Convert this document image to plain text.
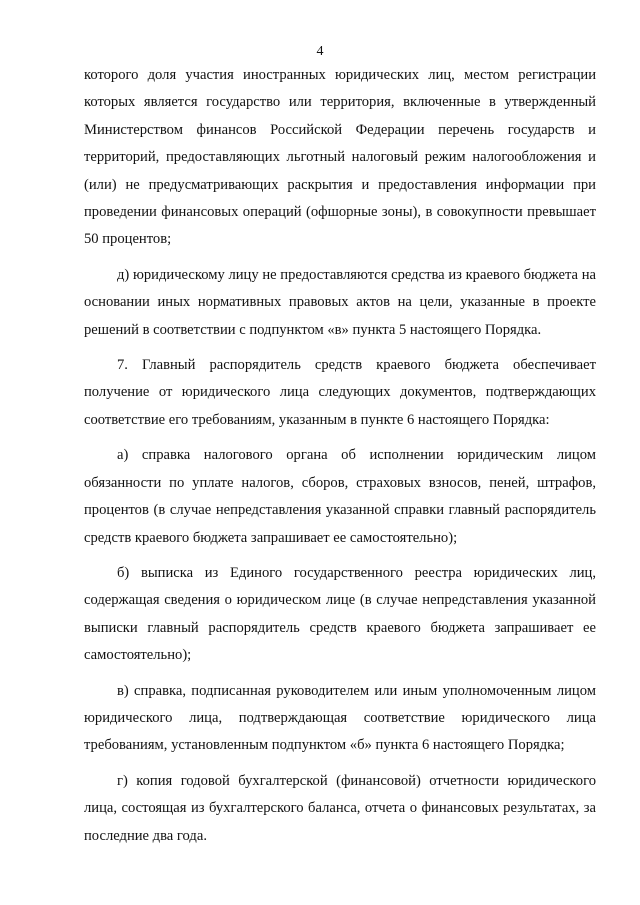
4

которого доля участия иностранных юридических лиц, местом регистрации которых является государство или территория, включенные в утвержденный Министерством финансов Российской Федерации перечень государств и территорий, предоставляющих льготный налоговый режим налогообложения и (или) не предусматривающих раскрытия и предоставления информации при проведении финансовых операций (офшорные зоны), в совокупности превышает 50 процентов;

д) юридическому лицу не предоставляются средства из краевого бюджета на основании иных нормативных правовых актов на цели, указанные в проекте решений в соответствии с подпунктом «в» пункта 5 настоящего Порядка.

7. Главный распорядитель средств краевого бюджета обеспечивает получение от юридического лица следующих документов, подтверждающих соответствие его требованиям, указанным в пункте 6 настоящего Порядка:

а) справка налогового органа об исполнении юридическим лицом обязанности по уплате налогов, сборов, страховых взносов, пеней, штрафов, процентов (в случае непредставления указанной справки главный распорядитель средств краевого бюджета запрашивает ее самостоятельно);

б) выписка из Единого государственного реестра юридических лиц, содержащая сведения о юридическом лице (в случае непредставления указанной выписки главный распорядитель средств краевого бюджета запрашивает ее самостоятельно);

в) справка, подписанная руководителем или иным уполномоченным лицом юридического лица, подтверждающая соответствие юридического лица требованиям, установленным подпунктом «б» пункта 6 настоящего Порядка;

г) копия годовой бухгалтерской (финансовой) отчетности юридического лица, состоящая из бухгалтерского баланса, отчета о финансовых результатах, за последние два года.
